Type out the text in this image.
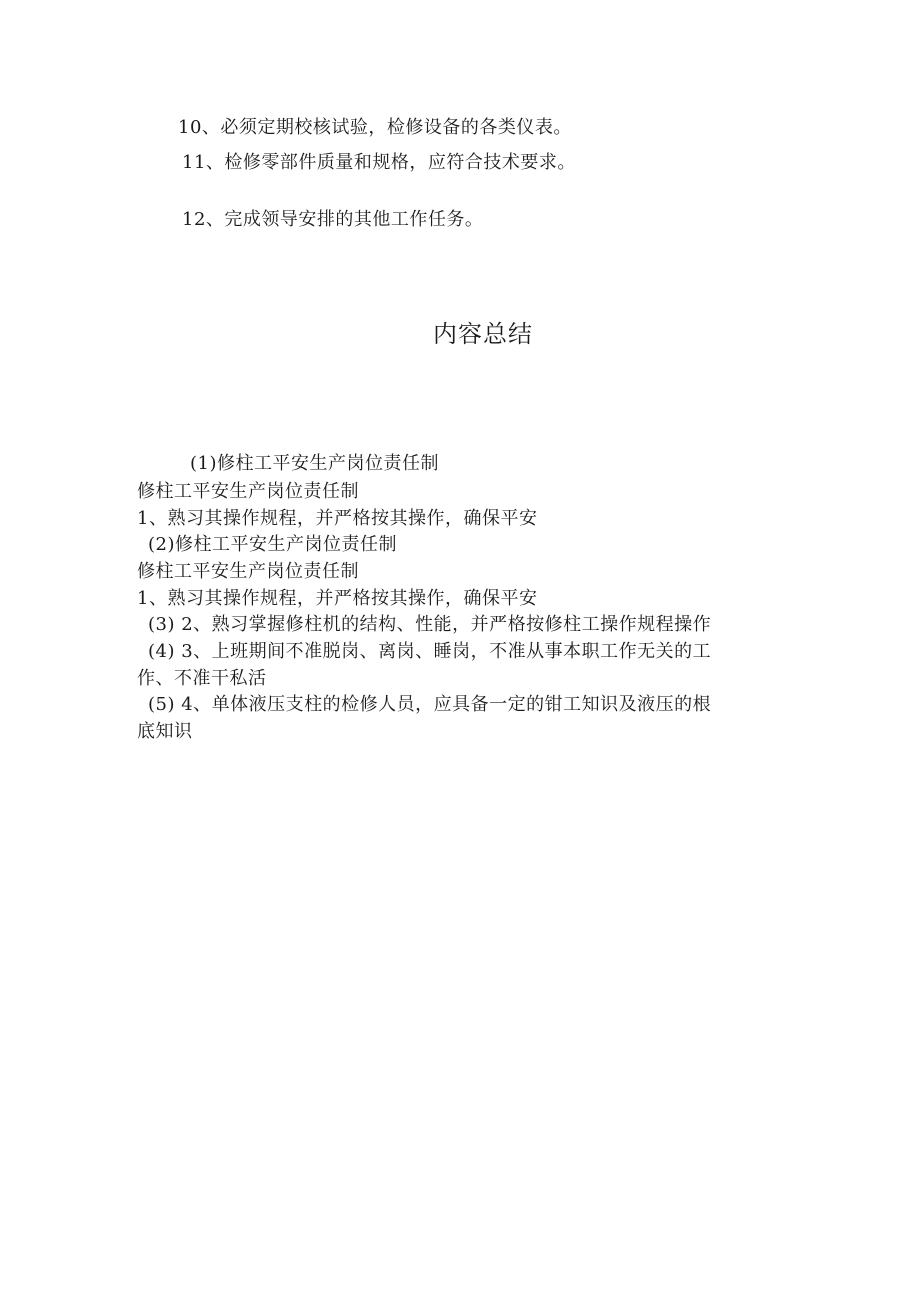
10、必须定期校核试验，检修设备的各类仪表。
11、检修零部件质量和规格，应符合技术要求。
12、完成领导安排的其他工作任务。
内容总结
(1)修柱工平安生产岗位责任制
修柱工平安生产岗位责任制
1、熟习其操作规程，并严格按其操作，确保平安
(2)修柱工平安生产岗位责任制
修柱工平安生产岗位责任制
1、熟习其操作规程，并严格按其操作，确保平安
(3) 2、熟习掌握修柱机的结构、性能，并严格按修柱工操作规程操作
(4) 3、上班期间不准脱岗、离岗、睡岗，不准从事本职工作无关的工
作、不准干私活
(5) 4、单体液压支柱的检修人员，应具备一定的钳工知识及液压的根
底知识
